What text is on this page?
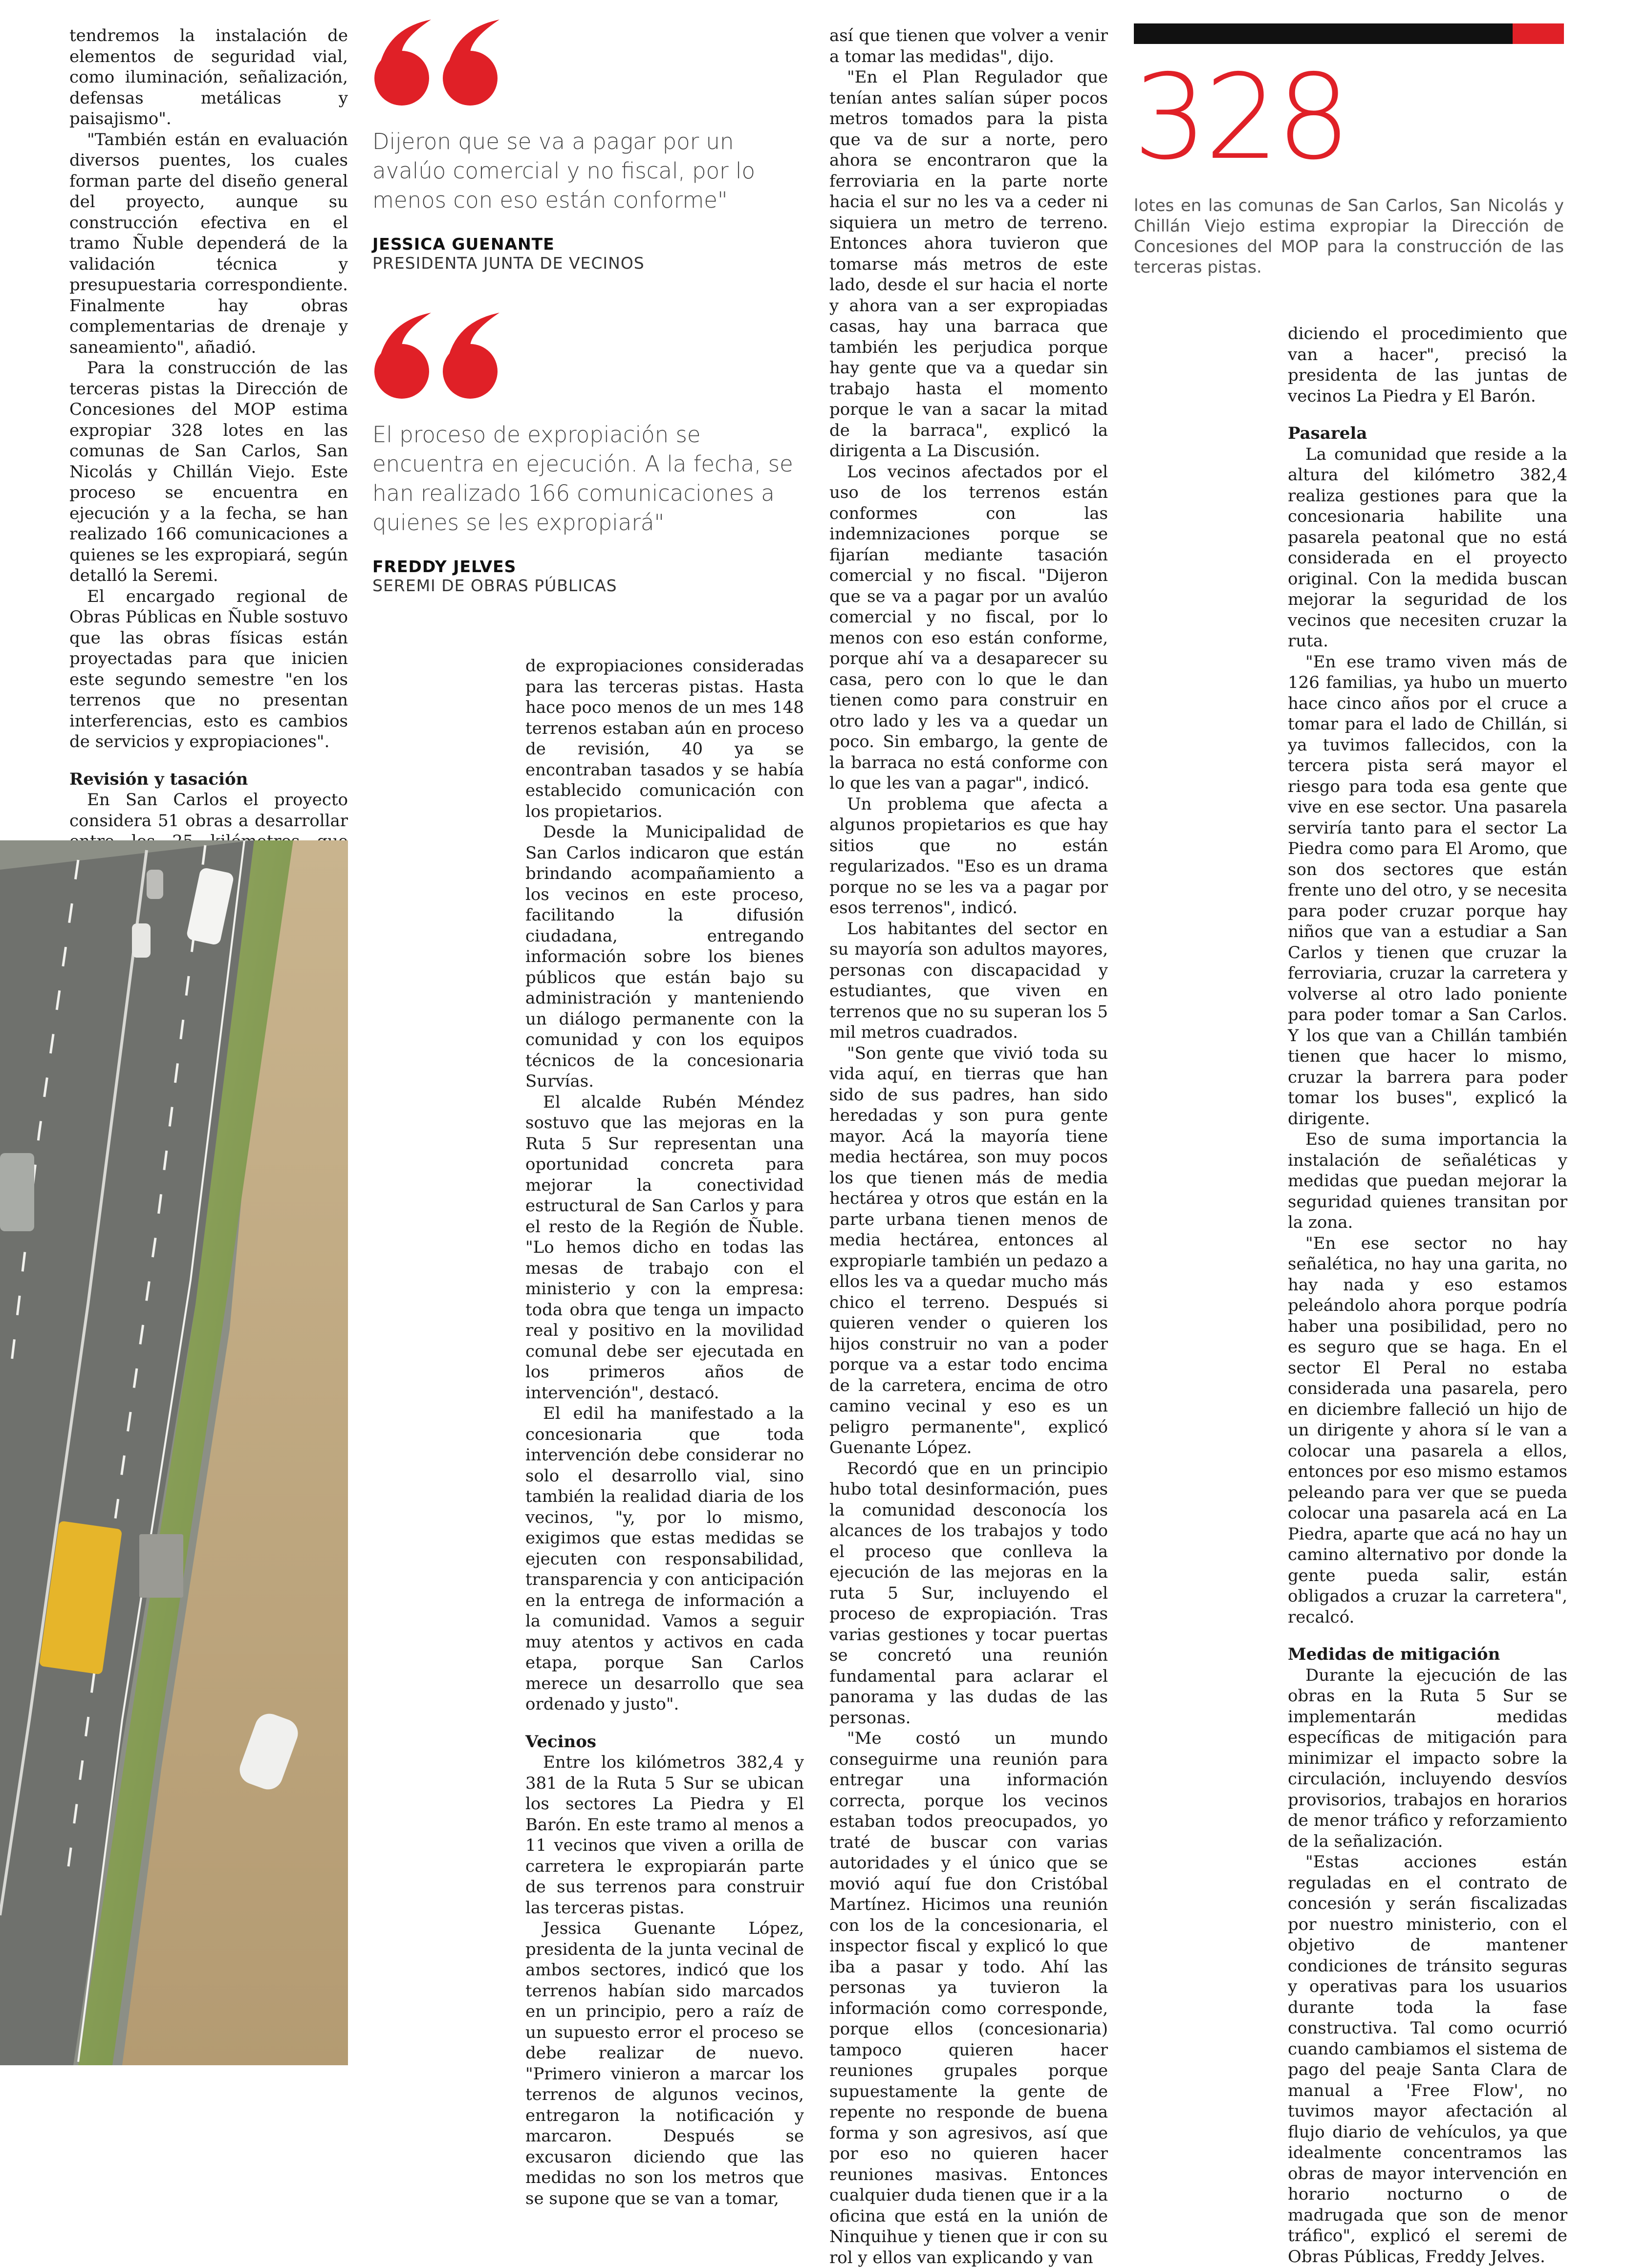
tendremos la instalación de elementos de seguridad vial, como iluminación, señalización, defensas metálicas y paisajismo".

"También están en evaluación diversos puentes, los cuales forman parte del diseño general del proyecto, aunque su construcción efectiva en el tramo Ñuble dependerá de la validación técnica y presupuestaria correspondiente. Finalmente hay obras complementarias de drenaje y saneamiento", añadió.

Para la construcción de las terceras pistas la Dirección de Concesiones del MOP estima expropiar 328 lotes en las comunas de San Carlos, San Nicolás y Chillán Viejo. Este proceso se encuentra en ejecución y a la fecha, se han realizado 166 comunicaciones a quienes se les expropiará, según detalló la Seremi.

El encargado regional de Obras Públicas en Ñuble sostuvo que las obras físicas están proyectadas para que inicien este segundo semestre "en los terrenos que no presentan interferencias, esto es cambios de servicios y expropiaciones".

Revisión y tasación

En San Carlos el proyecto considera 51 obras a desarrollar

Dijeron que se va a pagar por un avalúo comercial y no fiscal, por lo menos con eso están conforme"
JESSICA GUENANTE
PRESIDENTA JUNTA DE VECINOS
El proceso de expropiación se encuentra en ejecución. A la fecha, se han realizado 166 comunicaciones a quienes se les expropiará"
FREDDY JELVES
SEREMI DE OBRAS PÚBLICAS

de expropiaciones consideradas para las terceras pistas. Hasta hace poco menos de un mes 148 terrenos estaban aún en proceso de revisión, 40 ya se encontraban tasados y se había establecido comunicación con los propietarios.

Desde la Municipalidad de San Carlos indicaron que están brindando acompañamiento a los vecinos en este proceso, facilitando la difusión ciudadana, entregando información sobre los bienes públicos que están bajo su administración y manteniendo un diálogo permanente con la comunidad y con los equipos técnicos de la concesionaria Survías.

El alcalde Rubén Méndez sostuvo que las mejoras en la Ruta 5 Sur representan una oportunidad concreta para mejorar la conectividad estructural de San Carlos y para el resto de la Región de Ñuble. "Lo hemos dicho en todas las mesas de trabajo con el ministerio y con la empresa: toda obra que tenga un impacto real y positivo en la movilidad comunal debe ser ejecutada en los primeros años de intervención", destacó.

El edil ha manifestado a la concesionaria que toda intervención debe considerar no solo el desarrollo vial, sino también la realidad diaria de los vecinos, "y, por lo mismo, exigimos que estas medidas se ejecuten con responsabilidad, transparencia y con anticipación en la entrega de información a la comunidad. Vamos a seguir muy atentos y activos en cada etapa, porque San Carlos merece un desarrollo que sea ordenado y justo".

Vecinos

Entre los kilómetros 382,4 y 381 de la Ruta 5 Sur se ubican los sectores La Piedra y El Barón. En este tramo al menos a 11 vecinos que viven a orilla de carretera le expropiarán parte de sus terrenos para construir las terceras pistas.

Jessica Guenante López, presidenta de la junta vecinal de ambos sectores, indicó que los terrenos habían sido marcados en un principio, pero a raíz de un supuesto error el proceso se debe realizar de nuevo. "Primero vinieron a marcar los terrenos de algunos vecinos, entregaron la notificación y marcaron. Después se excusaron diciendo que las medidas no son los metros que se supone que se van a tomar,

así que tienen que volver a venir a tomar las medidas", dijo.

"En el Plan Regulador que tenían antes salían súper pocos metros tomados para la pista que va de sur a norte, pero ahora se encontraron que la ferroviaria en la parte norte hacia el sur no les va a ceder ni siquiera un metro de terreno. Entonces ahora tuvieron que tomarse más metros de este lado, desde el sur hacia el norte y ahora van a ser expropiadas casas, hay una barraca que también les perjudica porque hay gente que va a quedar sin trabajo hasta el momento porque le van a sacar la mitad de la barraca", explicó la dirigenta a La Discusión.

Los vecinos afectados por el uso de los terrenos están conformes con las indemnizaciones porque se fijarían mediante tasación comercial y no fiscal. "Dijeron que se va a pagar por un avalúo comercial y no fiscal, por lo menos con eso están conforme, porque ahí va a desaparecer su casa, pero con lo que le dan tienen como para construir en otro lado y les va a quedar un poco. Sin embargo, la gente de la barraca no está conforme con lo que les van a pagar", indicó.

Un problema que afecta a algunos propietarios es que hay sitios que no están regularizados. "Eso es un drama porque no se les va a pagar por esos terrenos", indicó.

Los habitantes del sector en su mayoría son adultos mayores, personas con discapacidad y estudiantes, que viven en terrenos que no su superan los 5 mil metros cuadrados.

"Son gente que vivió toda su vida aquí, en tierras que han sido de sus padres, han sido heredadas y son pura gente mayor. Acá la mayoría tiene media hectárea, son muy pocos los que tienen más de media hectárea y otros que están en la parte urbana tienen menos de media hectárea, entonces al expropiarle también un pedazo a ellos les va a quedar mucho más chico el terreno. Después si quieren vender o quieren los hijos construir no van a poder porque va a estar todo encima de la carretera, encima de otro camino vecinal y eso es un peligro permanente", explicó Guenante López.

Recordó que en un principio hubo total desinformación, pues la comunidad desconocía los alcances de los trabajos y todo el proceso que conlleva la ejecución de las mejoras en la ruta 5 Sur, incluyendo el proceso de expropiación. Tras varias gestiones y tocar puertas se concretó una reunión fundamental para aclarar el panorama y las dudas de las personas.

"Me costó un mundo conseguirme una reunión para entregar una información correcta, porque los vecinos estaban todos preocupados, yo traté de buscar con varias autoridades y el único que se movió aquí fue don Cristóbal Martínez. Hicimos una reunión con los de la concesionaria, el inspector fiscal y explicó lo que iba a pasar y todo. Ahí las personas ya tuvieron la información como corresponde, porque ellos (concesionaria) tampoco quieren hacer reuniones grupales porque supuestamente la gente de repente no responde de buena forma y son agresivos, así que por eso no quieren hacer reuniones masivas. Entonces cualquier duda tienen que ir a la oficina que está en la unión de Ninquihue y tienen que ir con su rol y ellos van explicando y van

328
lotes en las comunas de San Carlos, San Nicolás y Chillán Viejo estima expropiar la Dirección de Concesiones del MOP para la construcción de las terceras pistas.

diciendo el procedimiento que van a hacer", precisó la presidenta de las juntas de vecinos La Piedra y El Barón.

Pasarela

La comunidad que reside a la altura del kilómetro 382,4 realiza gestiones para que la concesionaria habilite una pasarela peatonal que no está considerada en el proyecto original. Con la medida buscan mejorar la seguridad de los vecinos que necesiten cruzar la ruta.

"En ese tramo viven más de 126 familias, ya hubo un muerto hace cinco años por el cruce a tomar para el lado de Chillán, si ya tuvimos fallecidos, con la tercera pista será mayor el riesgo para toda esa gente que vive en ese sector. Una pasarela serviría tanto para el sector La Piedra como para El Aromo, que son dos sectores que están frente uno del otro, y se necesita para poder cruzar porque hay niños que van a estudiar a San Carlos y tienen que cruzar la ferroviaria, cruzar la carretera y volverse al otro lado poniente para poder tomar a San Carlos. Y los que van a Chillán también tienen que hacer lo mismo, cruzar la barrera para poder tomar los buses", explicó la dirigente.

Eso de suma importancia la instalación de señaléticas y medidas que puedan mejorar la seguridad quienes transitan por la zona.

"En ese sector no hay señalética, no hay una garita, no hay nada y eso estamos peleándolo ahora porque podría haber una posibilidad, pero no es seguro que se haga. En el sector El Peral no estaba considerada una pasarela, pero en diciembre falleció un hijo de un dirigente y ahora sí le van a colocar una pasarela a ellos, entonces por eso mismo estamos peleando para ver que se pueda colocar una pasarela acá en La Piedra, aparte que acá no hay un camino alternativo por donde la gente pueda salir, están obligados a cruzar la carretera", recalcó.

Medidas de mitigación

Durante la ejecución de las obras en la Ruta 5 Sur se implementarán medidas específicas de mitigación para minimizar el impacto sobre la circulación, incluyendo desvíos provisorios, trabajos en horarios de menor tráfico y reforzamiento de la señalización.

"Estas acciones están reguladas en el contrato de concesión y serán fiscalizadas por nuestro ministerio, con el objetivo de mantener condiciones de tránsito seguras y operativas para los usuarios durante toda la fase constructiva. Tal como ocurrió cuando cambiamos el sistema de pago del peaje Santa Clara de manual a 'Free Flow', no tuvimos mayor afectación al flujo diario de vehículos, ya que idealmente concentramos las obras de mayor intervención en horario nocturno o de madrugada que son de menor tráfico", explicó el seremi de Obras Públicas, Freddy Jelves.
